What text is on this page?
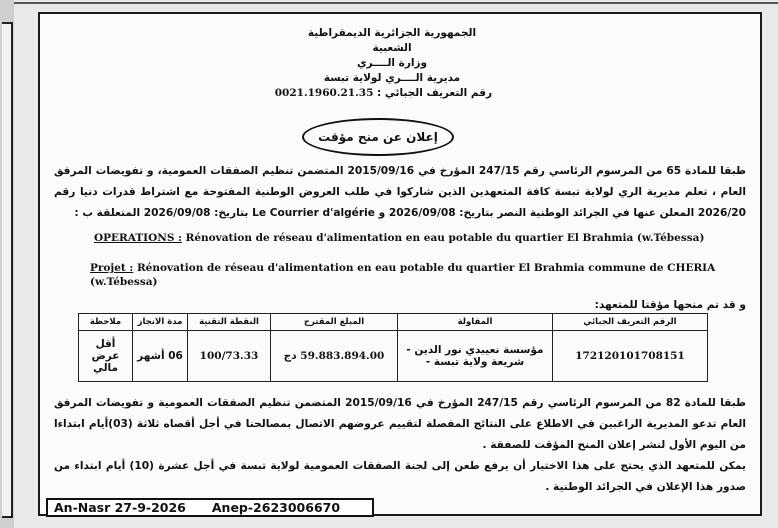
الجمهورية الجزائرية الديمقراطية الشعبية
وزارة الــــري
مديرية الــــري لولاية تبسة
رقم التعريف الجبائي : 0021.1960.21.35
إعلان عن منح مؤقت
طبقا للمادة 65 من المرسوم الرئاسي رقم 247/15 المؤرخ في 2015/09/16 المتضمن تنظيم الصفقات العمومية، و تفويضات المرفق العام ، تعلم مديرية الري لولاية تبسة كافة المتعهدين الذين شاركوا في طلب العروض الوطنية المفتوحة مع اشتراط قدرات دنيا رقم 2026/20 المعلن عنها في الجرائد الوطنية النصر بتاريخ: 2026/09/08 و Le Courrier d'algérie بتاريخ: 2026/09/08 المتعلقة ب :
OPERATIONS : Rénovation de réseau d'alimentation en eau potable du quartier El Brahmia (w.Tébessa)
Projet : Rénovation de réseau d'alimentation en eau potable du quartier El Brahmia commune de CHERIA (w.Tébessa)
و قد تم منحها مؤقتا للمتعهد:
الرقم التعريف الجبائي	المقاولة	المبلغ المقترح	النقطة التقنية	مدة الانجاز	ملاحظة
172120101708151	مؤسسة نعيبدي نور الدين - شريعة ولاية تبسة -	59.883.894.00 دج	100/73.33	06 أشهر	أقل عرض مالي
طبقا للمادة 82 من المرسوم الرئاسي رقم 247/15 المؤرخ في 2015/09/16 المتضمن تنظيم الصفقات العمومية و تفويضات المرفق العام تدعو المديرية الراغبين في الاطلاع على النتائج المفصلة لتقييم عروضهم الاتصال بمصالحنا في أجل أقصاه ثلاثة (03)أيام ابتداءا من اليوم الأول لنشر إعلان المنح المؤقت للصفقة .
يمكن للمتعهد الذي يحتج على هذا الاختيار أن يرفع طعن إلى لجنة الصفقات العمومية لولاية تبسة في أجل عشرة (10) أيام ابتداء من صدور هذا الإعلان في الجرائد الوطنية .
An-Nasr 27-9-2026 Anep-2623006670
